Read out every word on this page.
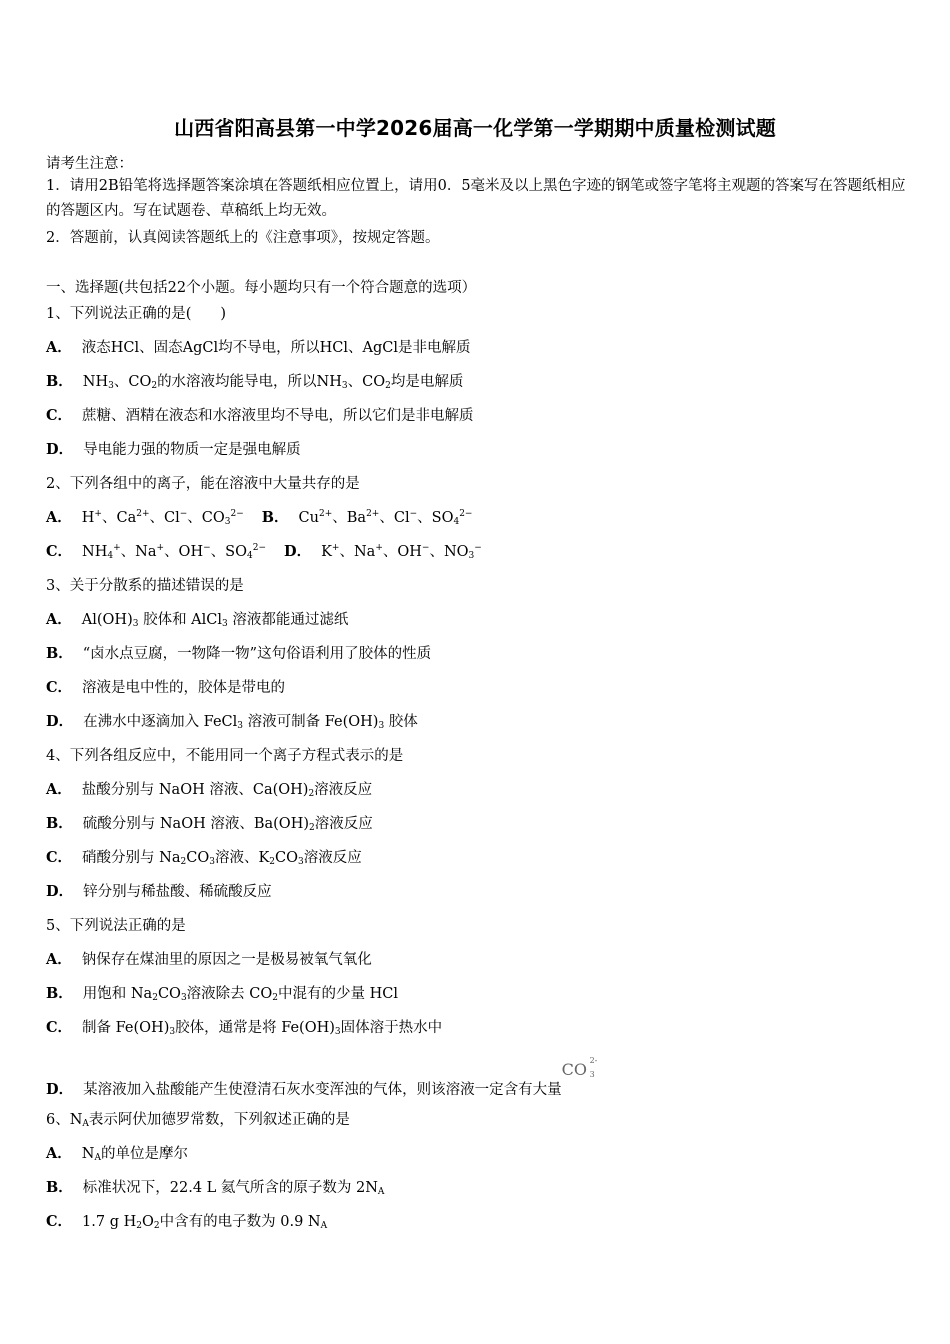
山西省阳高县第一中学2026届高一化学第一学期期中质量检测试题
请考生注意：
1．请用2B铅笔将选择题答案涂填在答题纸相应位置上，请用0．5毫米及以上黑色字迹的钢笔或签字笔将主观题的答案写在答题纸相应的答题区内。写在试题卷、草稿纸上均无效。
2．答题前，认真阅读答题纸上的《注意事项》，按规定答题。
一、选择题(共包括22个小题。每小题均只有一个符合题意的选项）
1、下列说法正确的是(　　)
A． 液态HCl、固态AgCl均不导电，所以HCl、AgCl是非电解质
B． $NH_3$、$CO_2$的水溶液均能导电，所以$NH_3$、$CO_2$均是电解质
C． 蔗糖、酒精在液态和水溶液里均不导电，所以它们是非电解质
D． 导电能力强的物质一定是强电解质
2、下列各组中的离子，能在溶液中大量共存的是
A． H+、$Ca^{2+}$、Cl−、$CO_3^{2-}$ B． $Cu^{2+}$、$Ba^{2+}$、Cl−、$SO_4^{2-}$
C． $NH_4^+$、Na+、OH−、$SO_4^{2-}$ D． K+、Na+、OH−、$NO_3^-$
3、关于分散系的描述错误的是
A． $Al(OH)_3$ 胶体和 AlCl$_3$ 溶液都能通过滤纸
B． “卤水点豆腐，一物降一物”这句俗语利用了胶体的性质
C． 溶液是电中性的，胶体是带电的
D． 在沸水中逐滴加入 FeCl$_3$ 溶液可制备 $Fe(OH)_3$ 胶体
4、下列各组反应中，不能用同一个离子方程式表示的是
A． 盐酸分别与 NaOH 溶液、$Ca(OH)_2$溶液反应
B． 硫酸分别与 NaOH 溶液、$Ba(OH)_2$溶液反应
C． 硝酸分别与 $Na_2CO_3$溶液、$K_2CO_3$溶液反应
D． 锌分别与稀盐酸、稀硫酸反应
5、下列说法正确的是
A． 钠保存在煤油里的原因之一是极易被氧气氧化
B． 用饱和 $Na_2CO_3$溶液除去 $CO_2$中混有的少量 HCl
C． 制备 $Fe(OH)_3$胶体，通常是将 $Fe(OH)_3$固体溶于热水中
D． 某溶液加入盐酸能产生使澄清石灰水变浑浊的气体，则该溶液一定含有大量
CO 2-
3
6、$N_A$表示阿伏加德罗常数，下列叙述正确的是
A． $N_A$的单位是摩尔
B． 标准状况下，22.4 L 氦气所含的原子数为 $2N_A$
C． 1.7 g $H_2O_2$中含有的电子数为 0.9 $N_A$
